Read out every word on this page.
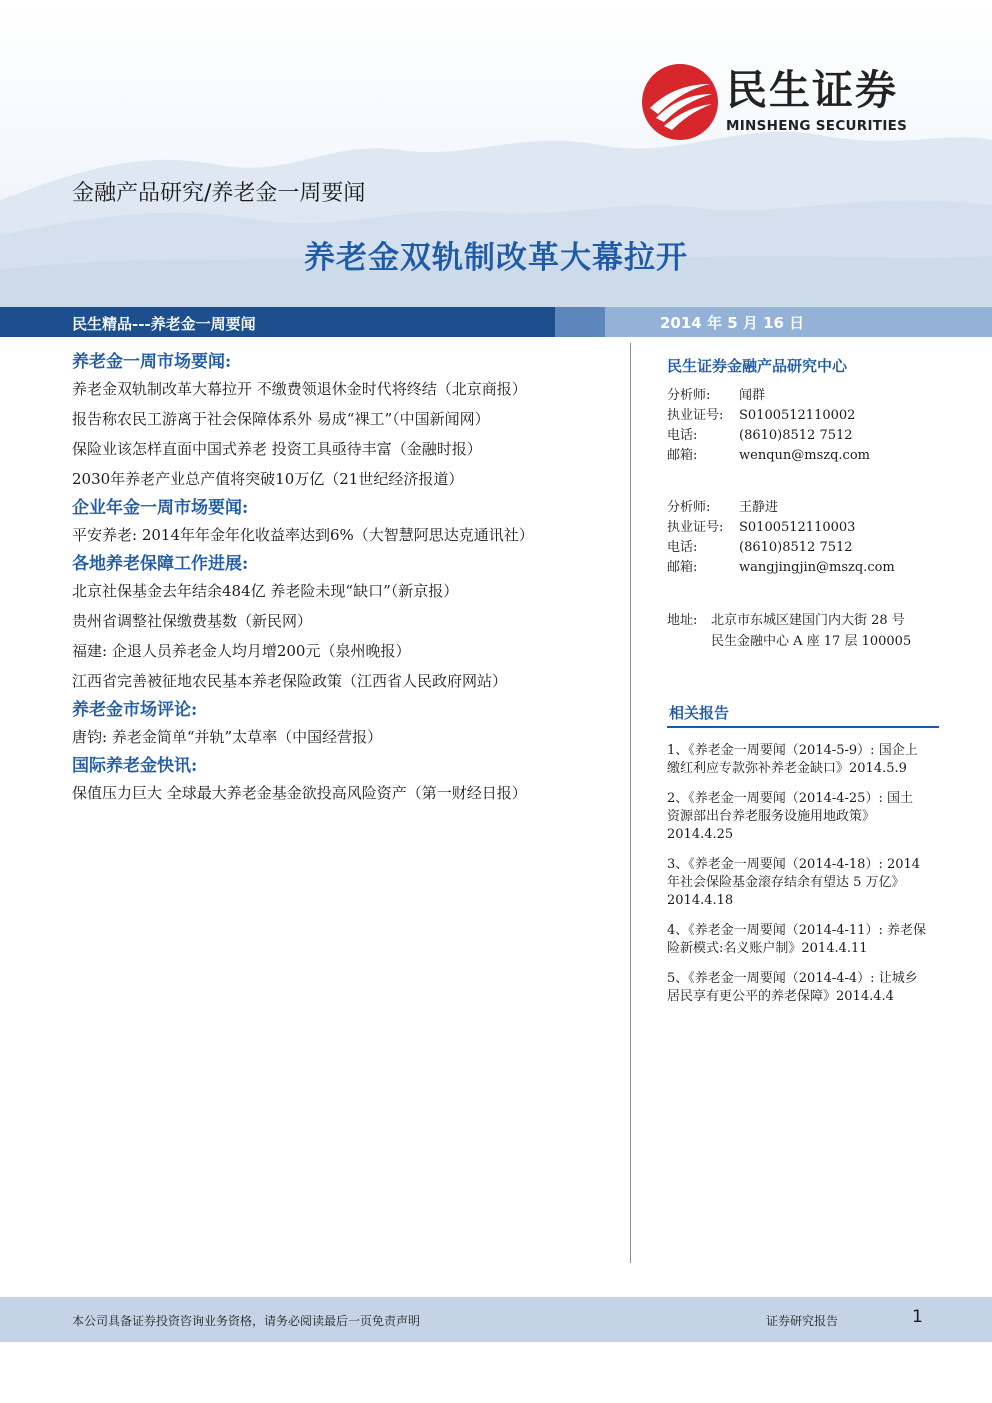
民生证券
MINSHENG SECURITIES
金融产品研究/养老金一周要闻
养老金双轨制改革大幕拉开
民生精品---养老金一周要闻	2014 年 5 月 16 日
养老金一周市场要闻:
养老金双轨制改革大幕拉开 不缴费领退休金时代将终结（北京商报）
报告称农民工游离于社会保障体系外 易成“裸工”（中国新闻网）
保险业该怎样直面中国式养老 投资工具亟待丰富（金融时报）
2030年养老产业总产值将突破10万亿（21世纪经济报道）
企业年金一周市场要闻:
平安养老: 2014年年金年化收益率达到6%（大智慧阿思达克通讯社）
各地养老保障工作进展:
北京社保基金去年结余484亿 养老险未现“缺口”（新京报）
贵州省调整社保缴费基数（新民网）
福建: 企退人员养老金人均月增200元（泉州晚报）
江西省完善被征地农民基本养老保险政策（江西省人民政府网站）
养老金市场评论:
唐钧: 养老金简单“并轨”太草率（中国经营报）
国际养老金快讯:
保值压力巨大 全球最大养老金基金欲投高风险资产（第一财经日报）
民生证券金融产品研究中心
分析师: 闻群
执业证号: S0100512110002
电话:	(8610)8512 7512
邮箱:	wenqun@mszq.com
分析师: 王静进
执业证号: S0100512110003
电话:	(8610)8512 7512
邮箱:	wangjingjin@mszq.com
地址: 北京市东城区建国门内大街 28 号
民生金融中心 A 座 17 层 100005
相关报告
1、《养老金一周要闻（2014-5-9）: 国企上
缴红利应专款弥补养老金缺口》2014.5.9
2、《养老金一周要闻（2014-4-25）: 国土
资源部出台养老服务设施用地政策》
2014.4.25
3、《养老金一周要闻（2014-4-18）: 2014
年社会保险基金滚存结余有望达 5 万亿》
2014.4.18
4、《养老金一周要闻（2014-4-11）: 养老保
险新模式:名义账户制》2014.4.11
5、《养老金一周要闻（2014-4-4）: 让城乡
居民享有更公平的养老保障》2014.4.4
本公司具备证券投资咨询业务资格，请务必阅读最后一页免责声明	证券研究报告	1
